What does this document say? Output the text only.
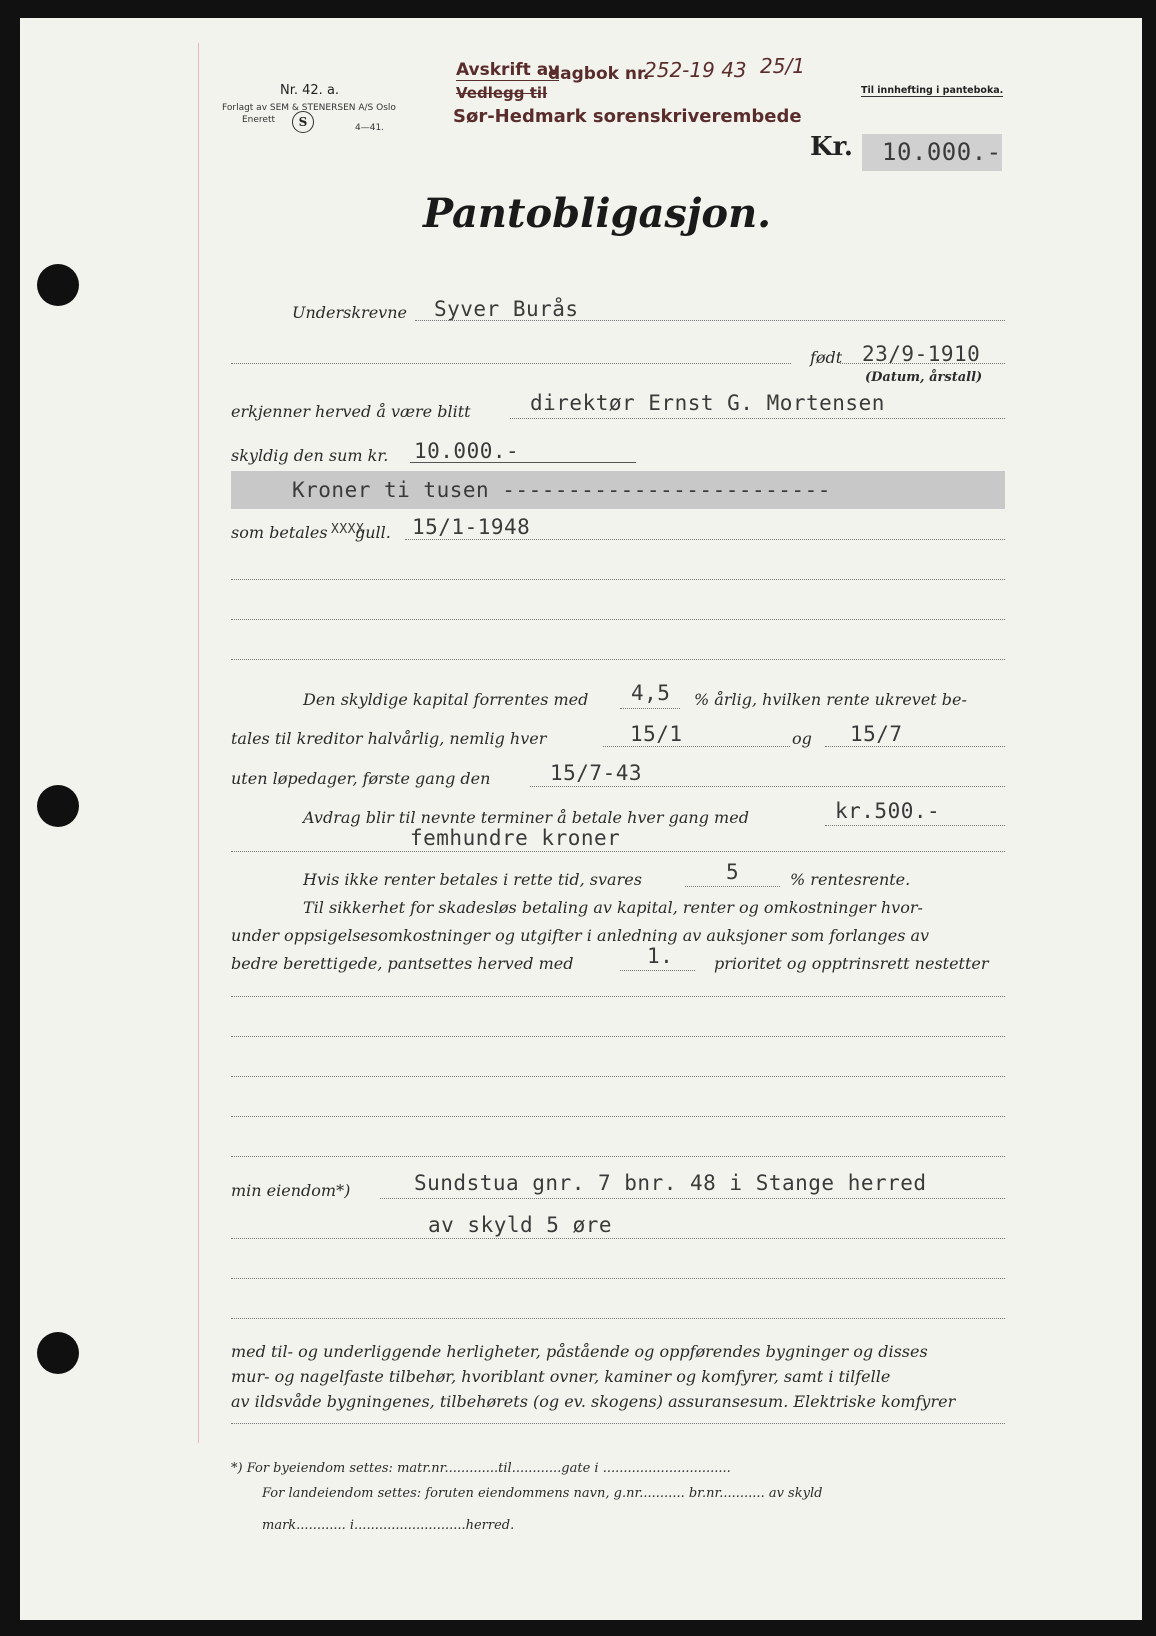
Nr. 42. a.
Forlagt av SEM & STENERSEN A/S Oslo
Enerett	S	4—41.
Avskrift av
dagbok nr.
252-19 43 25/1
Vedlegg til
Sør-Hedmark sorenskriverembede
Til innhefting i panteboka.
Kr. 10.000.-
Pantobligasjon.
Underskrevne Syver Burås
født 23/9-1910
(Datum, årstall)
erkjenner herved å være blitt	direktør Ernst G. Mortensen
skyldig den sum kr. 10.000.-
Kroner ti tusen -------------------------
som betales XXXX
gull. 15/1-1948
Den skyldige kapital forrentes med 4,5 % årlig, hvilken rente ukrevet be-
tales til kreditor halvårlig, nemlig hver	15/1	og 15/7
uten løpedager, første gang den	15/7-43
Avdrag blir til nevnte terminer å betale hver gang med	kr.500.-
femhundre kroner
Hvis ikke renter betales i rette tid, svares	5	% rentesrente.
Til sikkerhet for skadesløs betaling av kapital, renter og omkostninger hvor-
under oppsigelsesomkostninger og utgifter i anledning av auksjoner som forlanges av
bedre berettigede, pantsettes herved med	1.	prioritet og opptrinsrett nestetter
min eiendom*)	Sundstua gnr. 7 bnr. 48 i Stange herred
av skyld 5 øre
med til- og underliggende herligheter, påstående og oppførendes bygninger og disses
mur- og nagelfaste tilbehør, hvoriblant ovner, kaminer og komfyrer, samt i tilfelle
av ildsvåde bygningenes, tilbehørets (og ev. skogens) assuransesum. Elektriske komfyrer
*) For byeiendom settes: matr.nr.............til............gate i ...............................
For landeiendom settes: foruten eiendommens navn, g.nr........... br.nr........... av skyld
mark............ i...........................herred.
